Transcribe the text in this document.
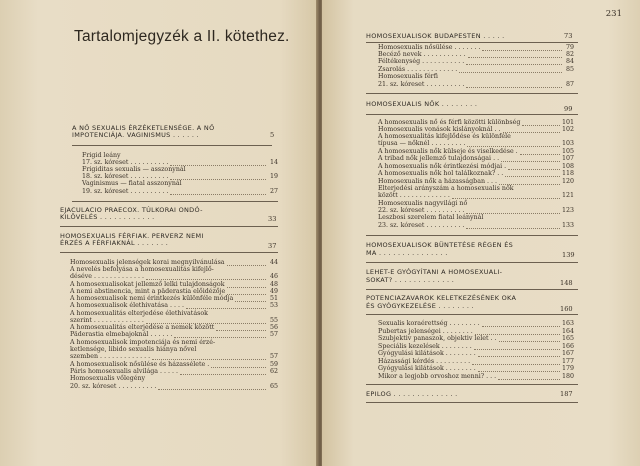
Tartalomjegyzék a II. kötethez.
A NŐ SEXUALIS ÉRZÉKETLENSÉGE. A NŐ
IMPOTENCIÁJA. VAGINISMUS . . . . . .	5
Frigid leány
17. sz. kóreset . . . . . . . . . .	14
Frigiditas sexualis — asszonynál
18. sz. kóreset . . . . . . . . . .	19
Vaginismus — fiatal asszonynál
19. sz. kóreset . . . . . . . . . .	27
EJACULACIO PRAECOX. TÚLKORAI ONDÓ-
KILÖVELÉS . . . . . . . . . . . .	33
HOMOSEXUALIS FÉRFIAK. PERVERZ NEMI
ÉRZÉS A FÉRFIAKNÁL . . . . . . .	37
Homosexualis jelenségek korai megnyilvánulása	44
A nevelés befolyása a homosexualitás kifejlő-
déséve . . . . . . . . . . . . .	46
A homosexualisokat jellemző lelki tulajdonságok	48
A nemi abstinencia, mint a päderastia előidézője	49
A homosexualisok nemi érintkezés különféle módja	51
A homosexualisok élethivatása . . . .	53
A homosexualitás elterjedése élethivatások
szerint . . . . . . . . . . . . .	55
A homosexualitás elterjedése a nemek között	56
Päderastia elmebajoknál . . . . . .	57
A homosexualisok impotenciája és nemi érzé-
ketlensége, libido sexualis hiánya nővel
szemben . . . . . . . . . . . . .	57
A homosexualisok nősülése és házassélete .	59
Páris homosexualis alvilága . . . . .	62
Homosexualis vőlegény
20. sz. kóreset . . . . . . . . . .	65
231
HOMOSEXUALISOK BUDAPESTEN . . . . .	73
Homosexualis nősülése . . . . . . .	79
Becéző nevek . . . . . . . . . . .	82
Féltékenység . . . . . . . . . . .	84
Zsarolás . . . . . . . . . . . . .	85
Homosexualis férfi
21. sz. kóreset . . . . . . . . . .	87
HOMOSEXUALIS NŐK . . . . . . . .
99
A homosexualis nő és férfi közötti különbség	101
Homosexualis vonások kislányoknál . .	102
A homosexualitás kifejlődése és különféle
típusa — nőknél . . . . . . . . .	103
A homosexualis nők külseje és viselkedése .	105
A tribad nők jellemző tulajdonságai . .	107
A homosexualis nők érintkezési módjai .	108
A homosexualis nők hol találkoznak? . .	118
Homosexualis nők a házasságban . . .	120
Elterjedési arányszám a homosexualis nők
között . . . . . . . . . . . . .	121
Homosexualis nagyvilági nő
22. sz. kóreset . . . . . . . . . .	123
Leszbosi szerelem fiatal leánynál
23. sz. kóreset . . . . . . . . . .	133
HOMOSEXUALISOK BÜNTETÉSE RÉGEN ÉS
MA . . . . . . . . . . . . . . .	139
LEHET-E GYÓGYÍTANI A HOMOSEXUALI-
SOKAT? . . . . . . . . . . . . .	148
POTENCIAZAVAROK KELETKEZÉSÉNEK OKA
ÉS GYÓGYKEZELÉSE . . . . . . . .	160
Sexualis koraérettség . . . . . . . .	163
Pubertas jelenségei . . . . . . . .	164
Szubjektiv panaszok, objektiv lelet . .	165
Speciális kezelések . . . . . . . .	166
Gyógyulási kilátások . . . . . . . .	167
Házassági kérdés . . . . . . . . .	177
Gyógyulási kilátások . . . . . . . .	179
Mikor a legjobb orvoshoz menni? . . .	180
EPILOG . . . . . . . . . . . . . .	187
